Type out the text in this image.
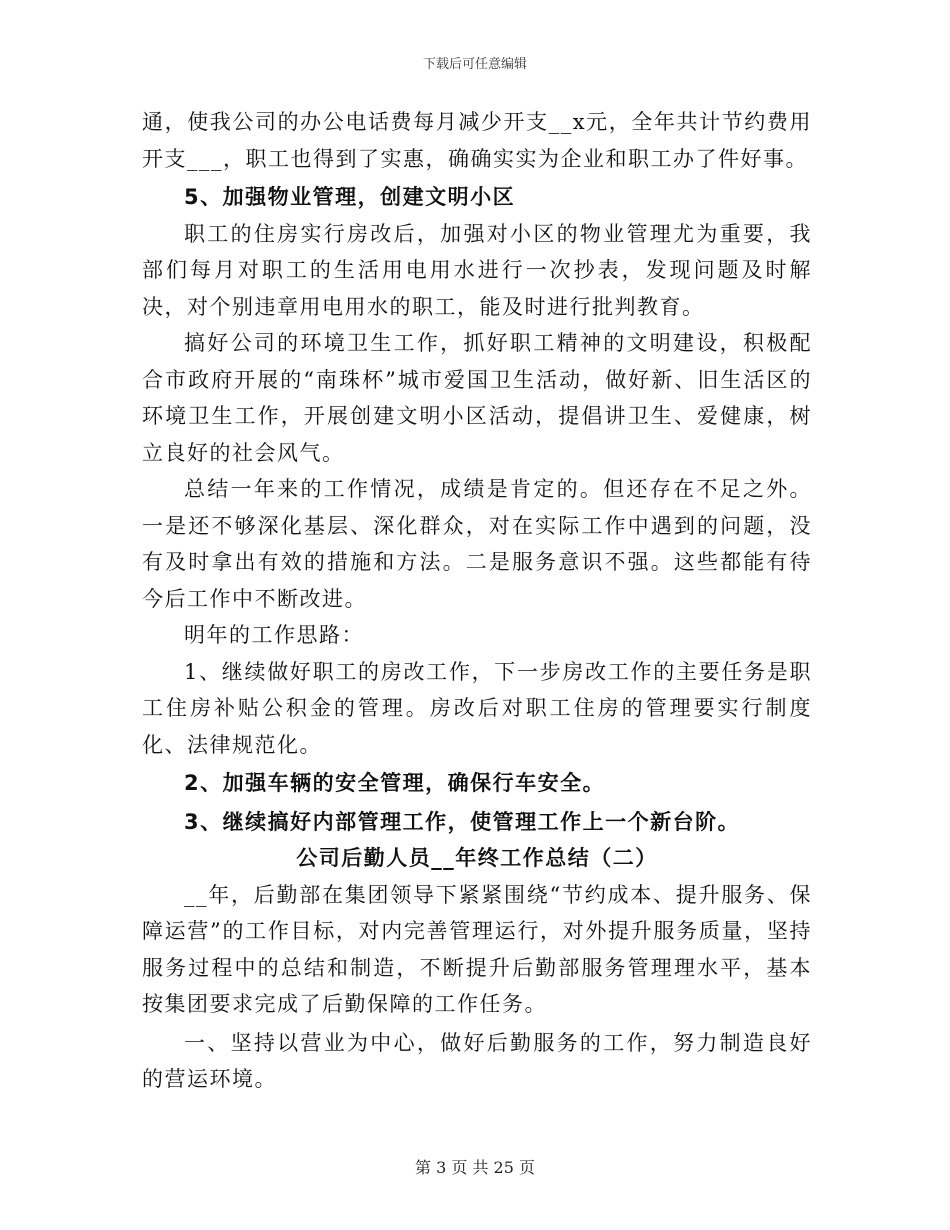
下载后可任意编辑

通，使我公司的办公电话费每月减少开支__x元，全年共计节约费用开支___，职工也得到了实惠，确确实实为企业和职工办了件好事。

5、加强物业管理，创建文明小区

职工的住房实行房改后，加强对小区的物业管理尤为重要，我部们每月对职工的生活用电用水进行一次抄表，发现问题及时解决，对个别违章用电用水的职工，能及时进行批判教育。

搞好公司的环境卫生工作，抓好职工精神的文明建设，积极配合市政府开展的“南珠杯”城市爱国卫生活动，做好新、旧生活区的环境卫生工作，开展创建文明小区活动，提倡讲卫生、爱健康，树立良好的社会风气。

总结一年来的工作情况，成绩是肯定的。但还存在不足之外。一是还不够深化基层、深化群众，对在实际工作中遇到的问题，没有及时拿出有效的措施和方法。二是服务意识不强。这些都能有待今后工作中不断改进。

明年的工作思路：

1、继续做好职工的房改工作，下一步房改工作的主要任务是职工住房补贴公积金的管理。房改后对职工住房的管理要实行制度化、法律规范化。

2、加强车辆的安全管理，确保行车安全。

3、继续搞好内部管理工作，使管理工作上一个新台阶。

公司后勤人员__年终工作总结（二）

__年，后勤部在集团领导下紧紧围绕“节约成本、提升服务、保障运营”的工作目标，对内完善管理运行，对外提升服务质量，坚持服务过程中的总结和制造，不断提升后勤部服务管理理水平，基本按集团要求完成了后勤保障的工作任务。

一、坚持以营业为中心，做好后勤服务的工作，努力制造良好的营运环境。

第 3 页 共 25 页
